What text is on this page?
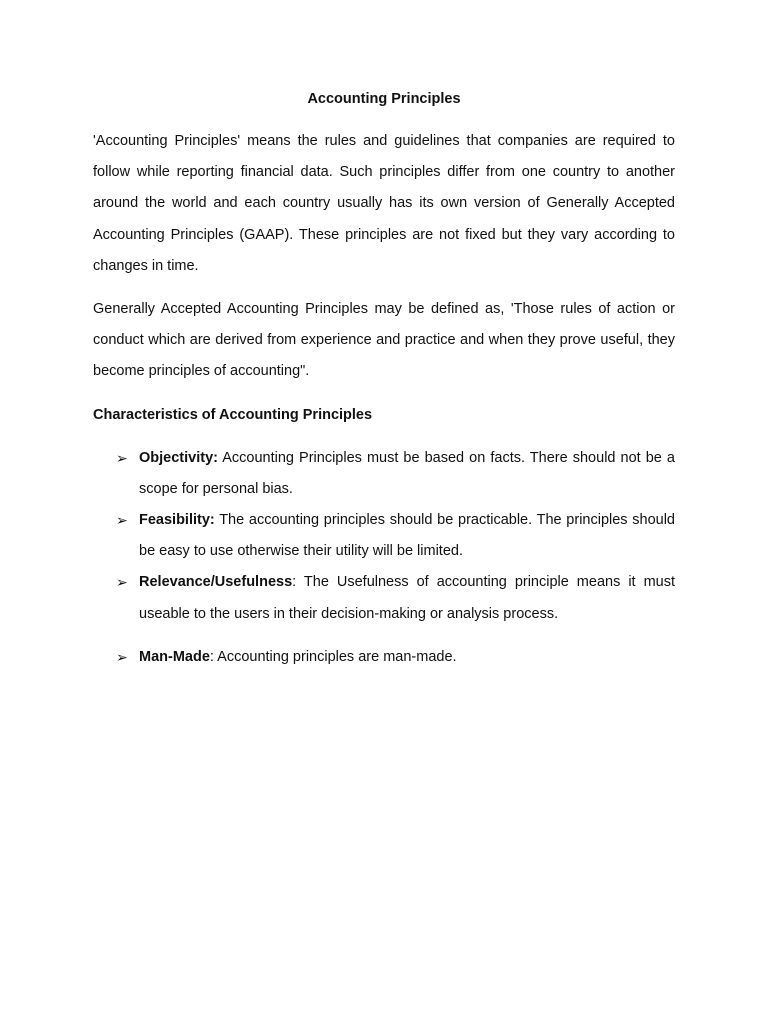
Accounting Principles

'Accounting Principles' means the rules and guidelines that companies are required to follow while reporting financial data. Such principles differ from one country to another around the world and each country usually has its own version of Generally Accepted Accounting Principles (GAAP). These principles are not fixed but they vary according to changes in time.

Generally Accepted Accounting Principles may be defined as, 'Those rules of action or conduct which are derived from experience and practice and when they prove useful, they become principles of accounting".

Characteristics of Accounting Principles
➢ Objectivity: Accounting Principles must be based on facts. There should not be a scope for personal bias.
➢ Feasibility: The accounting principles should be practicable. The principles should be easy to use otherwise their utility will be limited.
➢ Relevance/Usefulness: The Usefulness of accounting principle means it must useable to the users in their decision-making or analysis process.
➢ Man-Made: Accounting principles are man-made.
